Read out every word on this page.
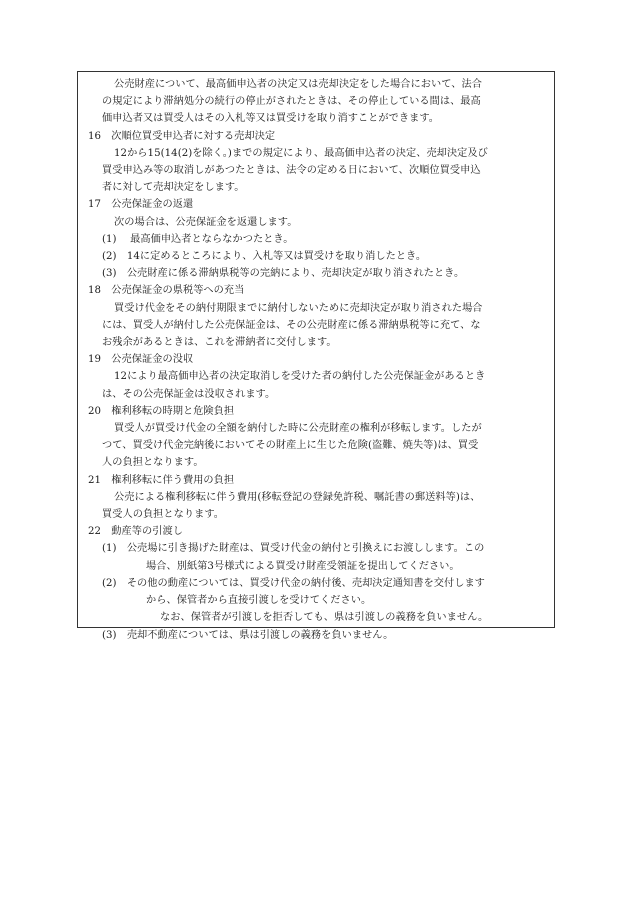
公売財産について、最高価申込者の決定又は売却決定をした場合において、法合
の規定により滞納処分の続行の停止がされたときは、その停止している間は、最高
価申込者又は買受人はその入札等又は買受けを取り消すことができます。
16　次順位買受申込者に対する売却決定
12から15(14(2)を除く。)までの規定により、最高価申込者の決定、売却決定及び
買受申込み等の取消しがあつたときは、法令の定める日において、次順位買受申込
者に対して売却決定をします。
17　公売保証金の返還
次の場合は、公売保証金を返還します。
(1)　 最高価申込者とならなかつたとき。
(2)　14に定めるところにより、入札等又は買受けを取り消したとき。
(3)　公売財産に係る滞納県税等の完納により、売却決定が取り消されたとき。
18　公売保証金の県税等への充当
買受け代金をその納付期限までに納付しないために売却決定が取り消された場合
には、買受人が納付した公売保証金は、その公売財産に係る滞納県税等に充て、な
お残余があるときは、これを滞納者に交付します。
19　公売保証金の没収
12により最高価申込者の決定取消しを受けた者の納付した公売保証金があるとき
は、その公売保証金は没収されます。
20　権利移転の時期と危険負担
買受人が買受け代金の全額を納付した時に公売財産の権利が移転します。したが
つて、買受け代金完納後においてその財産上に生じた危険(盗難、焼失等)は、買受
人の負担となります。
21　権利移転に伴う費用の負担
公売による権利移転に伴う費用(移転登記の登録免許税、嘱託書の郵送料等)は、
買受人の負担となります。
22　動産等の引渡し
(1)　公売場に引き揚げた財産は、買受け代金の納付と引換えにお渡しします。この
場合、別紙第3号様式による買受け財産受領証を提出してください。
(2)　その他の動産については、買受け代金の納付後、売却決定通知書を交付します
から、保管者から直接引渡しを受けてください。
なお、保管者が引渡しを拒否しても、県は引渡しの義務を負いません。
(3)　売却不動産については、県は引渡しの義務を負いません。
